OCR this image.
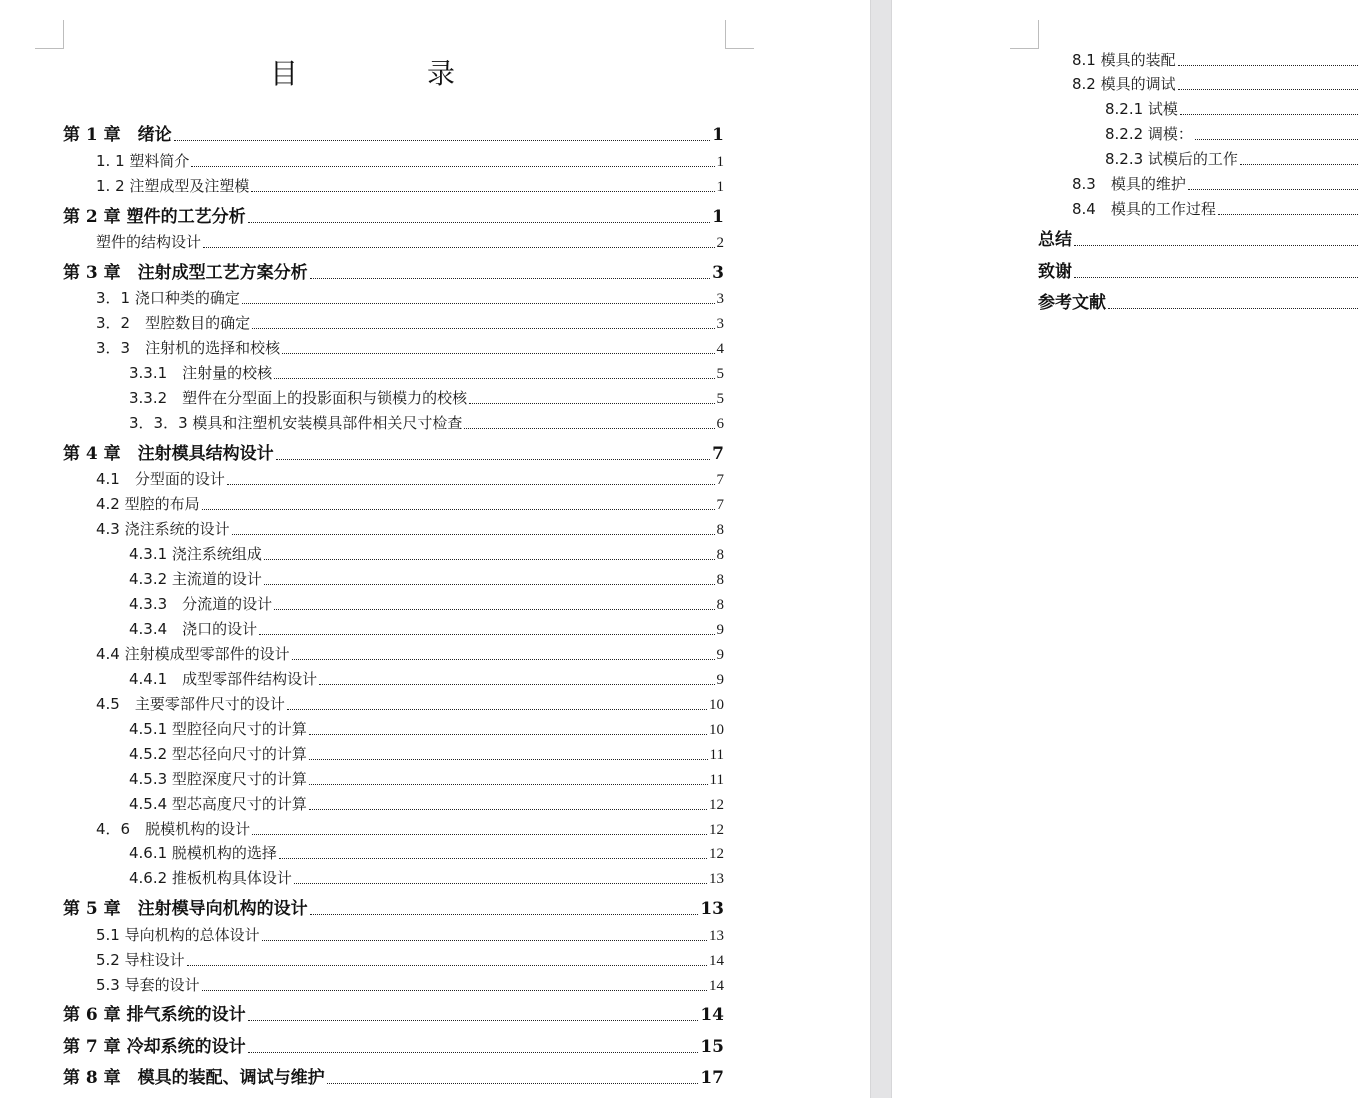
目 录
第 1 章　绪论	1
1. 1 塑料简介	1
1. 2 注塑成型及注塑模	1
第 2 章 塑件的工艺分析	1
塑件的结构设计	2
第 3 章　注射成型工艺方案分析	3
3．1 浇口种类的确定	3
3．2　型腔数目的确定	3
3．3　注射机的选择和校核	4
3.3.1　注射量的校核	5
3.3.2　塑件在分型面上的投影面积与锁模力的校核	5
3．3．3 模具和注塑机安装模具部件相关尺寸检查	6
第 4 章　注射模具结构设计	7
4.1　分型面的设计	7
4.2 型腔的布局	7
4.3 浇注系统的设计	8
4.3.1 浇注系统组成	8
4.3.2 主流道的设计	8
4.3.3　分流道的设计	8
4.3.4　浇口的设计	9
4.4 注射模成型零部件的设计	9
4.4.1　成型零部件结构设计	9
4.5　主要零部件尺寸的设计	10
4.5.1 型腔径向尺寸的计算	10
4.5.2 型芯径向尺寸的计算	11
4.5.3 型腔深度尺寸的计算	11
4.5.4 型芯高度尺寸的计算	12
4．6　脱模机构的设计	12
4.6.1 脱模机构的选择	12
4.6.2 推板机构具体设计	13
第 5 章　注射模导向机构的设计	13
5.1 导向机构的总体设计	13
5.2 导柱设计	14
5.3 导套的设计	14
第 6 章 排气系统的设计	14
第 7 章 冷却系统的设计	15
第 8 章　模具的装配、调试与维护	17
8.1 模具的装配
8.2 模具的调试
8.2.1 试模
8.2.2 调模：
8.2.3 试模后的工作
8.3　模具的维护
8.4　模具的工作过程
总结
致谢
参考文献
